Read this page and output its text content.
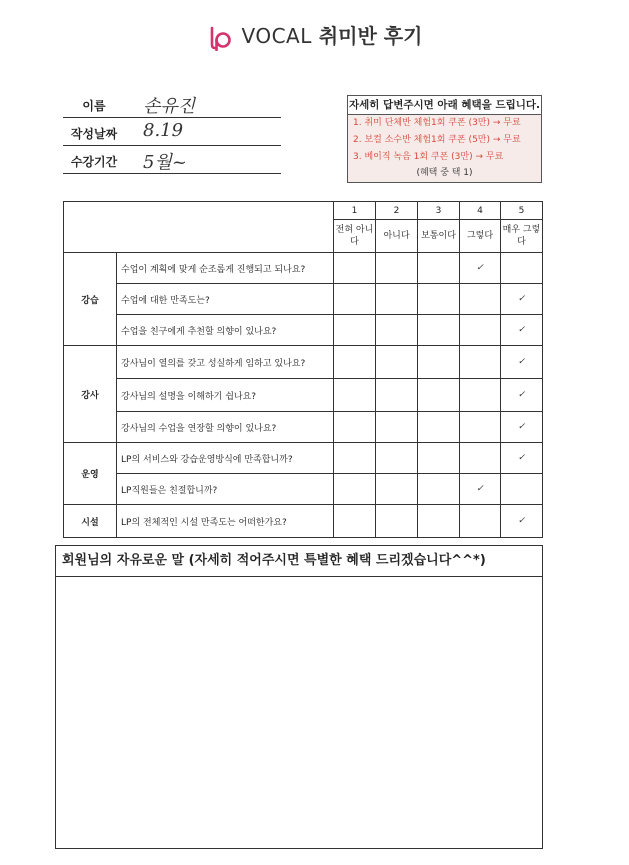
VOCAL 취미반 후기
이름	손유진
작성날짜	8.19
수강기간	5월~
자세히 답변주시면 아래 혜택을 드립니다.
1. 취미 단체반 체험1회 쿠폰 (3만) → 무료
2. 보컬 소수반 체험1회 쿠폰 (5만) → 무료
3. 베이직 녹음 1회 쿠폰 (3만) → 무료
(혜택 중 택 1)
		1	2	3	4	5
		전혀 아니다	아니다	보통이다	그렇다	매우 그렇다
강습	수업이 계획에 맞게 순조롭게 진행되고 되나요?				✓	
	수업에 대한 만족도는?					✓
	수업을 친구에게 추천할 의향이 있나요?					✓
강사	강사님이 열의를 갖고 성실하게 임하고 있나요?					✓
	강사님의 설명을 이해하기 쉽나요?					✓
	강사님의 수업을 연장할 의향이 있나요?					✓
운영	LP의 서비스와 강습운영방식에 만족합니까?					✓
	LP직원들은 친절합니까?				✓	
시설	LP의 전체적인 시설 만족도는 어떠한가요?					✓
회원님의 자유로운 말 (자세히 적어주시면 특별한 혜택 드리겠습니다^^*)
